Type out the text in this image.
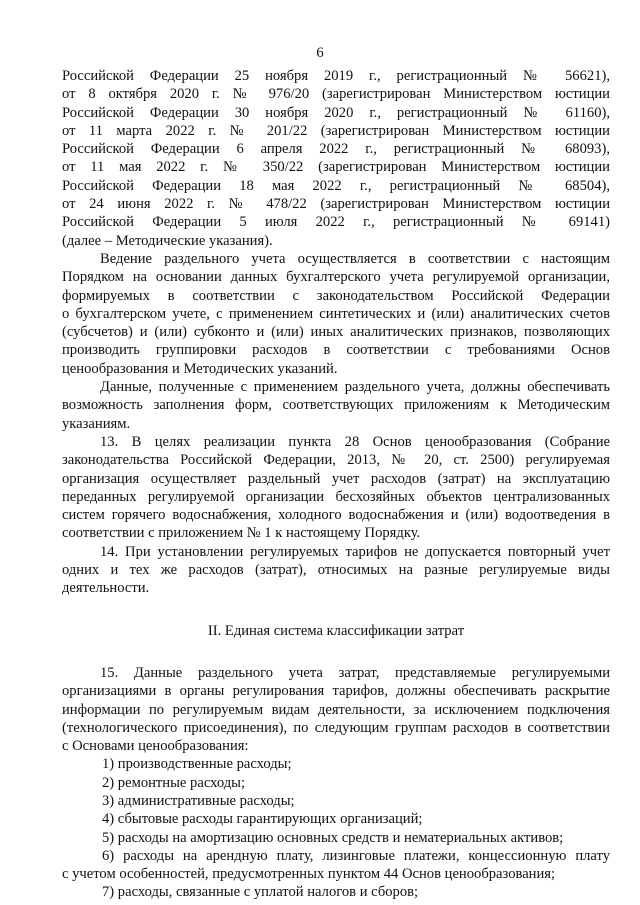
6
Российской Федерации 25 ноября 2019 г., регистрационный № 56621),
от 8 октября 2020 г. № 976/20 (зарегистрирован Министерством юстиции
Российской Федерации 30 ноября 2020 г., регистрационный № 61160),
от 11 марта 2022 г. № 201/22 (зарегистрирован Министерством юстиции
Российской Федерации 6 апреля 2022 г., регистрационный № 68093),
от 11 мая 2022 г. № 350/22 (зарегистрирован Министерством юстиции
Российской Федерации 18 мая 2022 г., регистрационный № 68504),
от 24 июня 2022 г. № 478/22 (зарегистрирован Министерством юстиции
Российской Федерации 5 июля 2022 г., регистрационный № 69141)
(далее – Методические указания).
Ведение раздельного учета осуществляется в соответствии с настоящим
Порядком на основании данных бухгалтерского учета регулируемой организации,
формируемых в соответствии с законодательством Российской Федерации
о бухгалтерском учете, с применением синтетических и (или) аналитических счетов
(субсчетов) и (или) субконто и (или) иных аналитических признаков, позволяющих
производить группировки расходов в соответствии с требованиями Основ
ценообразования и Методических указаний.
Данные, полученные с применением раздельного учета, должны обеспечивать
возможность заполнения форм, соответствующих приложениям к Методическим
указаниям.
13. В целях реализации пункта 28 Основ ценообразования (Собрание
законодательства Российской Федерации, 2013, № 20, ст. 2500) регулируемая
организация осуществляет раздельный учет расходов (затрат) на эксплуатацию
переданных регулируемой организации бесхозяйных объектов централизованных
систем горячего водоснабжения, холодного водоснабжения и (или) водоотведения в
соответствии с приложением № 1 к настоящему Порядку.
14. При установлении регулируемых тарифов не допускается повторный учет
одних и тех же расходов (затрат), относимых на разные регулируемые виды
деятельности.
II. Единая система классификации затрат
15. Данные раздельного учета затрат, представляемые регулируемыми
организациями в органы регулирования тарифов, должны обеспечивать раскрытие
информации по регулируемым видам деятельности, за исключением подключения
(технологического присоединения), по следующим группам расходов в соответствии
с Основами ценообразования:
1) производственные расходы;
2) ремонтные расходы;
3) административные расходы;
4) сбытовые расходы гарантирующих организаций;
5) расходы на амортизацию основных средств и нематериальных активов;
6) расходы на арендную плату, лизинговые платежи, концессионную плату
с учетом особенностей, предусмотренных пунктом 44 Основ ценообразования;
7) расходы, связанные с уплатой налогов и сборов;
